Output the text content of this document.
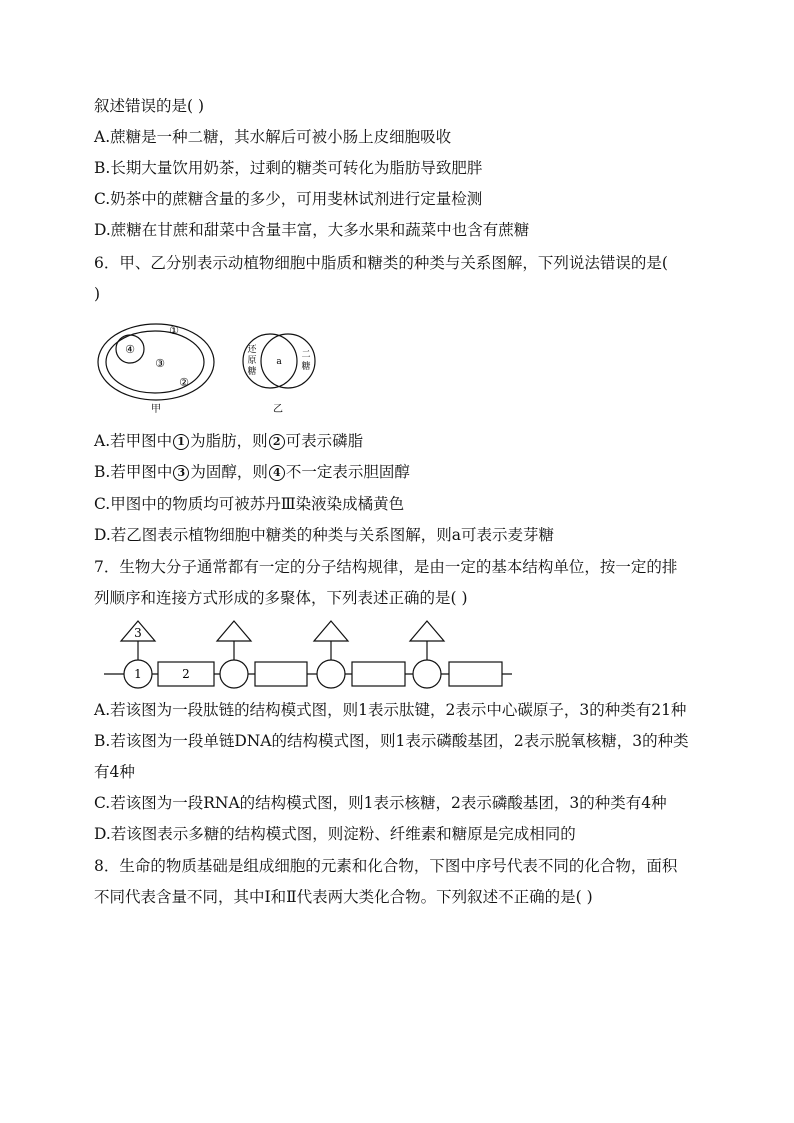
叙述错误的是( )
A.蔗糖是一种二糖，其水解后可被小肠上皮细胞吸收
B.长期大量饮用奶茶，过剩的糖类可转化为脂肪导致肥胖
C.奶茶中的蔗糖含量的多少，可用斐林试剂进行定量检测
D.蔗糖在甘蔗和甜菜中含量丰富，大多水果和蔬菜中也含有蔗糖
6．甲、乙分别表示动植物细胞中脂质和糖类的种类与关系图解，下列说法错误的是(
)
④
①
③
②
甲
还
原
糖
a
二
糖
乙
A.若甲图中 1 为脂肪，则 2 可表示磷脂
B.若甲图中 3 为固醇，则 4 不一定表示胆固醇
C.甲图中的物质均可被苏丹Ⅲ染液染成橘黄色
D.若乙图表示植物细胞中糖类的种类与关系图解，则a可表示麦芽糖
7．生物大分子通常都有一定的分子结构规律，是由一定的基本结构单位，按一定的排
列顺序和连接方式形成的多聚体，下列表述正确的是( )
3
1	2
A.若该图为一段肽链的结构模式图，则1表示肽键，2表示中心碳原子，3的种类有21种
B.若该图为一段单链DNA的结构模式图，则1表示磷酸基团，2表示脱氧核糖，3的种类
有4种
C.若该图为一段RNA的结构模式图，则1表示核糖，2表示磷酸基团，3的种类有4种
D.若该图表示多糖的结构模式图，则淀粉、纤维素和糖原是完成相同的
8．生命的物质基础是组成细胞的元素和化合物，下图中序号代表不同的化合物，面积
不同代表含量不同，其中Ⅰ和Ⅱ代表两大类化合物。下列叙述不正确的是( )
